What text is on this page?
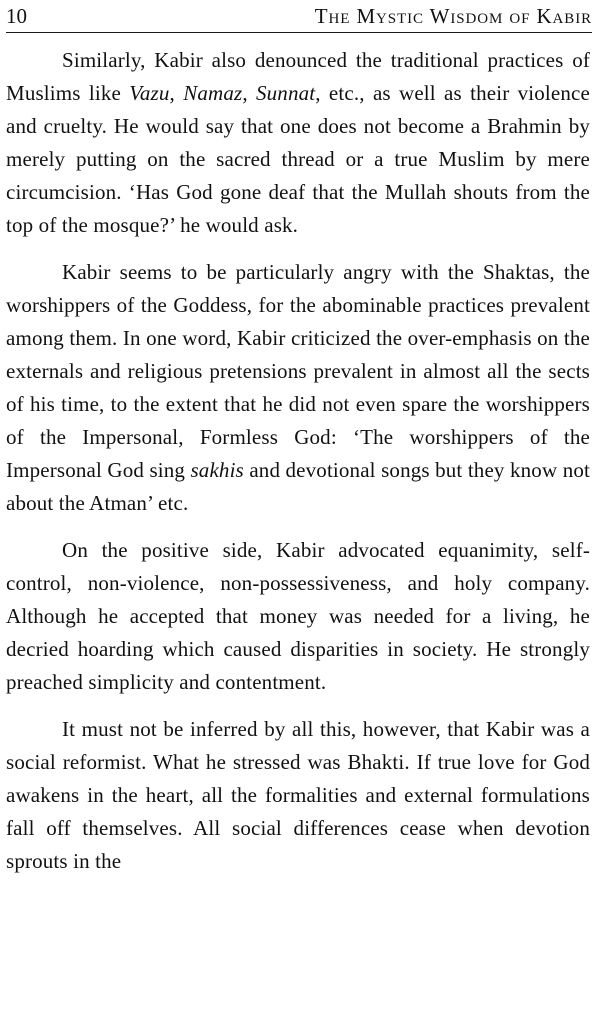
10	The Mystic Wisdom of Kabir

Similarly, Kabir also denounced the traditional practices of Muslims like Vazu, Namaz, Sunnat, etc., as well as their violence and cruelty. He would say that one does not become a Brahmin by merely putting on the sacred thread or a true Muslim by mere circumcision. ‘Has God gone deaf that the Mullah shouts from the top of the mosque?’ he would ask.

Kabir seems to be particularly angry with the Shaktas, the worshippers of the Goddess, for the abominable practices prevalent among them. In one word, Kabir criticized the over-emphasis on the externals and religious pretensions prevalent in almost all the sects of his time, to the extent that he did not even spare the worshippers of the Impersonal, Formless God: ‘The worshippers of the Impersonal God sing sakhis and devotional songs but they know not about the Atman’ etc.

On the positive side, Kabir advocated equanimity, self-control, non-violence, non-possessiveness, and holy company. Although he accepted that money was needed for a living, he decried hoarding which caused disparities in society. He strongly preached simplicity and contentment.

It must not be inferred by all this, however, that Kabir was a social reformist. What he stressed was Bhakti. If true love for God awakens in the heart, all the formalities and external formulations fall off themselves. All social differences cease when devotion sprouts in the
